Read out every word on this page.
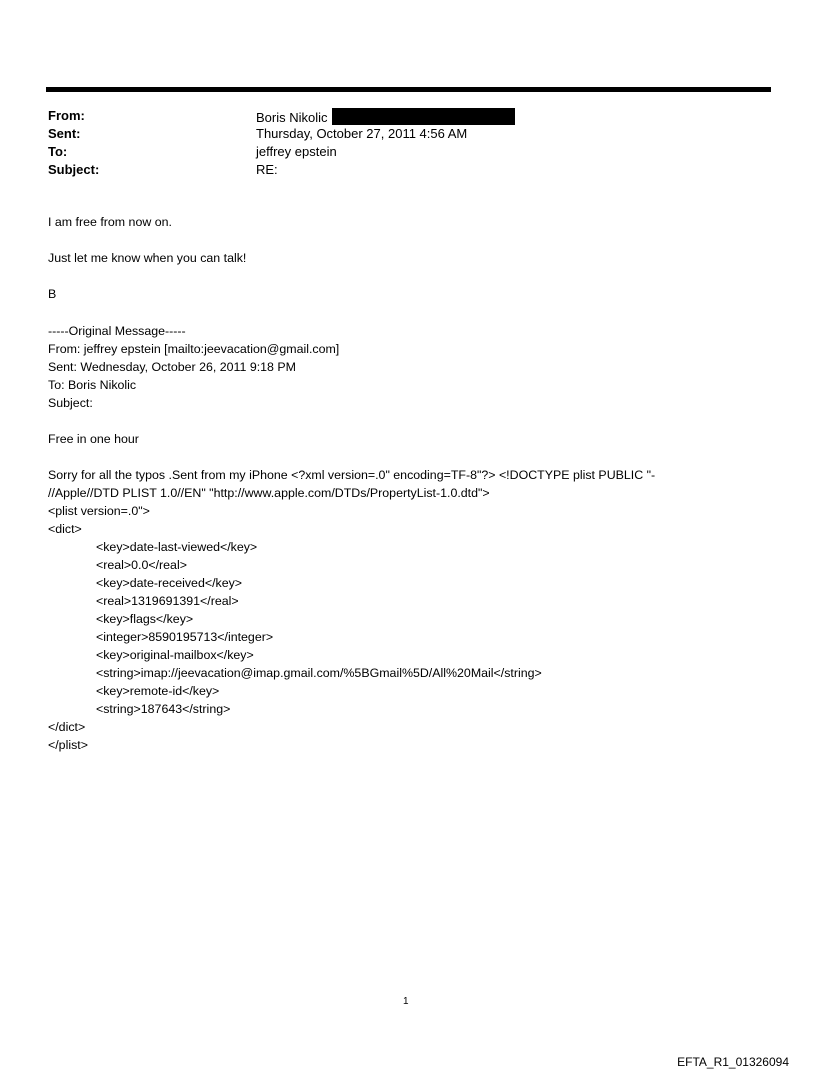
From:	Boris Nikolic
Sent:	Thursday, October 27, 2011 4:56 AM
To:	jeffrey epstein
Subject:	RE:
I am free from now on.
Just let me know when you can talk!
B
-----Original Message-----
From: jeffrey epstein [mailto:jeevacation@gmail.com]
Sent: Wednesday, October 26, 2011 9:18 PM
To: Boris Nikolic
Subject:
Free in one hour
Sorry for all the typos .Sent from my iPhone <?xml version=.0" encoding=TF-8"?> <!DOCTYPE plist PUBLIC "-
//Apple//DTD PLIST 1.0//EN" "http://www.apple.com/DTDs/PropertyList-1.0.dtd">
<plist version=.0">
<dict>
<key>date-last-viewed</key>
<real>0.0</real>
<key>date-received</key>
<real>1319691391</real>
<key>flags</key>
<integer>8590195713</integer>
<key>original-mailbox</key>
<string>imap://jeevacation@imap.gmail.com/%5BGmail%5D/All%20Mail</string>
<key>remote-id</key>
<string>187643</string>
</dict>
</plist>
1
EFTA_R1_01326094
